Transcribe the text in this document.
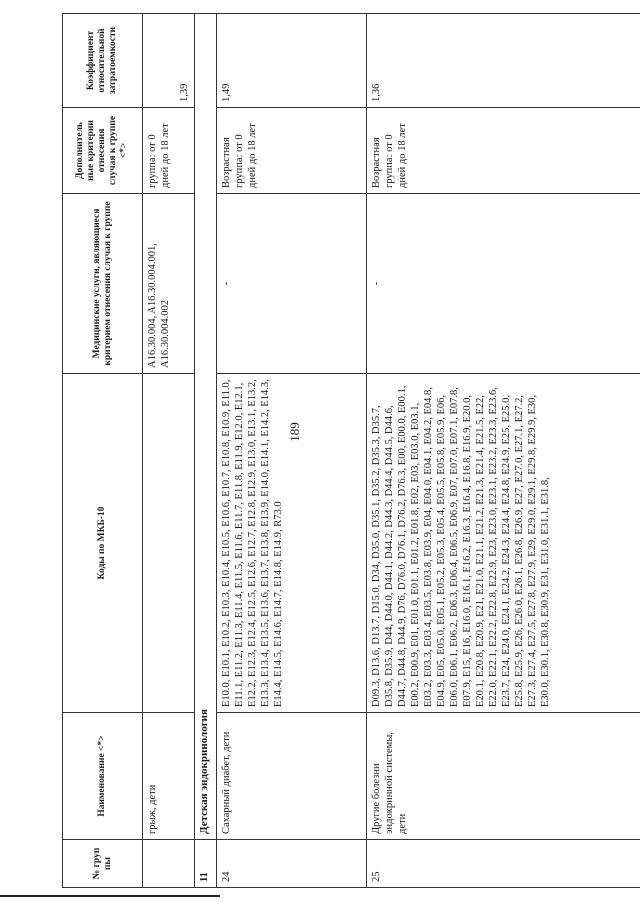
189
№ груп пы	Наименование <*>	Коды по МКБ-10	Медицинские услуги, являющиеся критерием отнесения случая к группе	Дополнитель ные критерии отнесения случая к группе <*>	Коэффициент относительной затратоемкости
	грыж, дети		A16.30.004, A16.30.004.001, A16.30.004.002	группа: от 0 дней до 18 лет	1,39
11	Детская эндокринология				
24	Сахарный диабет, дети	E10.0, E10.1, E10.2, E10.3, E10.4, E10.5, E10.6, E10.7, E10.8, E10.9, E11.0, E11.1, E11.2, E11.3, E11.4, E11.5, E11.6, E11.7, E11.8, E11.9, E12.0, E12.1, E12.2, E12.3, E12.4, E12.5, E12.6, E12.7, E12.8, E12.9, E13.0, E13.1, E13.2, E13.3, E13.4, E13.5, E13.6, E13.7, E13.8, E13.9, E14.0, E14.1, E14.2, E14.3, E14.4, E14.5, E14.6, E14.7, E14.8, E14.9, R73.0	-	Возрастная группа: от 0 дней до 18 лет	1,49
25	Другие болезни эндокринной системы, дети	D09.3, D13.6, D13.7, D15.0, D34, D35.0, D35.1, D35.2, D35.3, D35.7, D35.8, D35.9, D44, D44.0, D44.1, D44.2, D44.3, D44.4, D44.5, D44.6, D44.7, D44.8, D44.9, D76, D76.0, D76.1, D76.2, D76.3, E00, E00.0, E00.1, E00.2, E00.9, E01, E01.0, E01.1, E01.2, E01.8, E02, E03, E03.0, E03.1, E03.2, E03.3, E03.4, E03.5, E03.8, E03.9, E04, E04.0, E04.1, E04.2, E04.8, E04.9, E05, E05.0, E05.1, E05.2, E05.3, E05.4, E05.5, E05.8, E05.9, E06, E06.0, E06.1, E06.2, E06.3, E06.4, E06.5, E06.9, E07, E07.0, E07.1, E07.8, E07.9, E15, E16, E16.0, E16.1, E16.2, E16.3, E16.4, E16.8, E16.9, E20.0, E20.1, E20.8, E20.9, E21, E21.0, E21.1, E21.2, E21.3, E21.4, E21.5, E22, E22.0, E22.1, E22.2, E22.8, E22.9, E23, E23.0, E23.1, E23.2, E23.3, E23.6, E23.7, E24, E24.0, E24.1, E24.2, E24.3, E24.4, E24.8, E24.9, E25, E25.0, E25.8, E25.9, E26, E26.0, E26.1, E26.8, E26.9, E27, E27.0, E27.1, E27.2, E27.3, E27.4, E27.5, E27.8, E27.9, E29, E29.0, E29.1, E29.8, E29.9, E30, E30.0, E30.1, E30.8, E30.9, E31, E31.0, E31.1, E31.8,	-	Возрастная группа: от 0 дней до 18 лет	1,36
